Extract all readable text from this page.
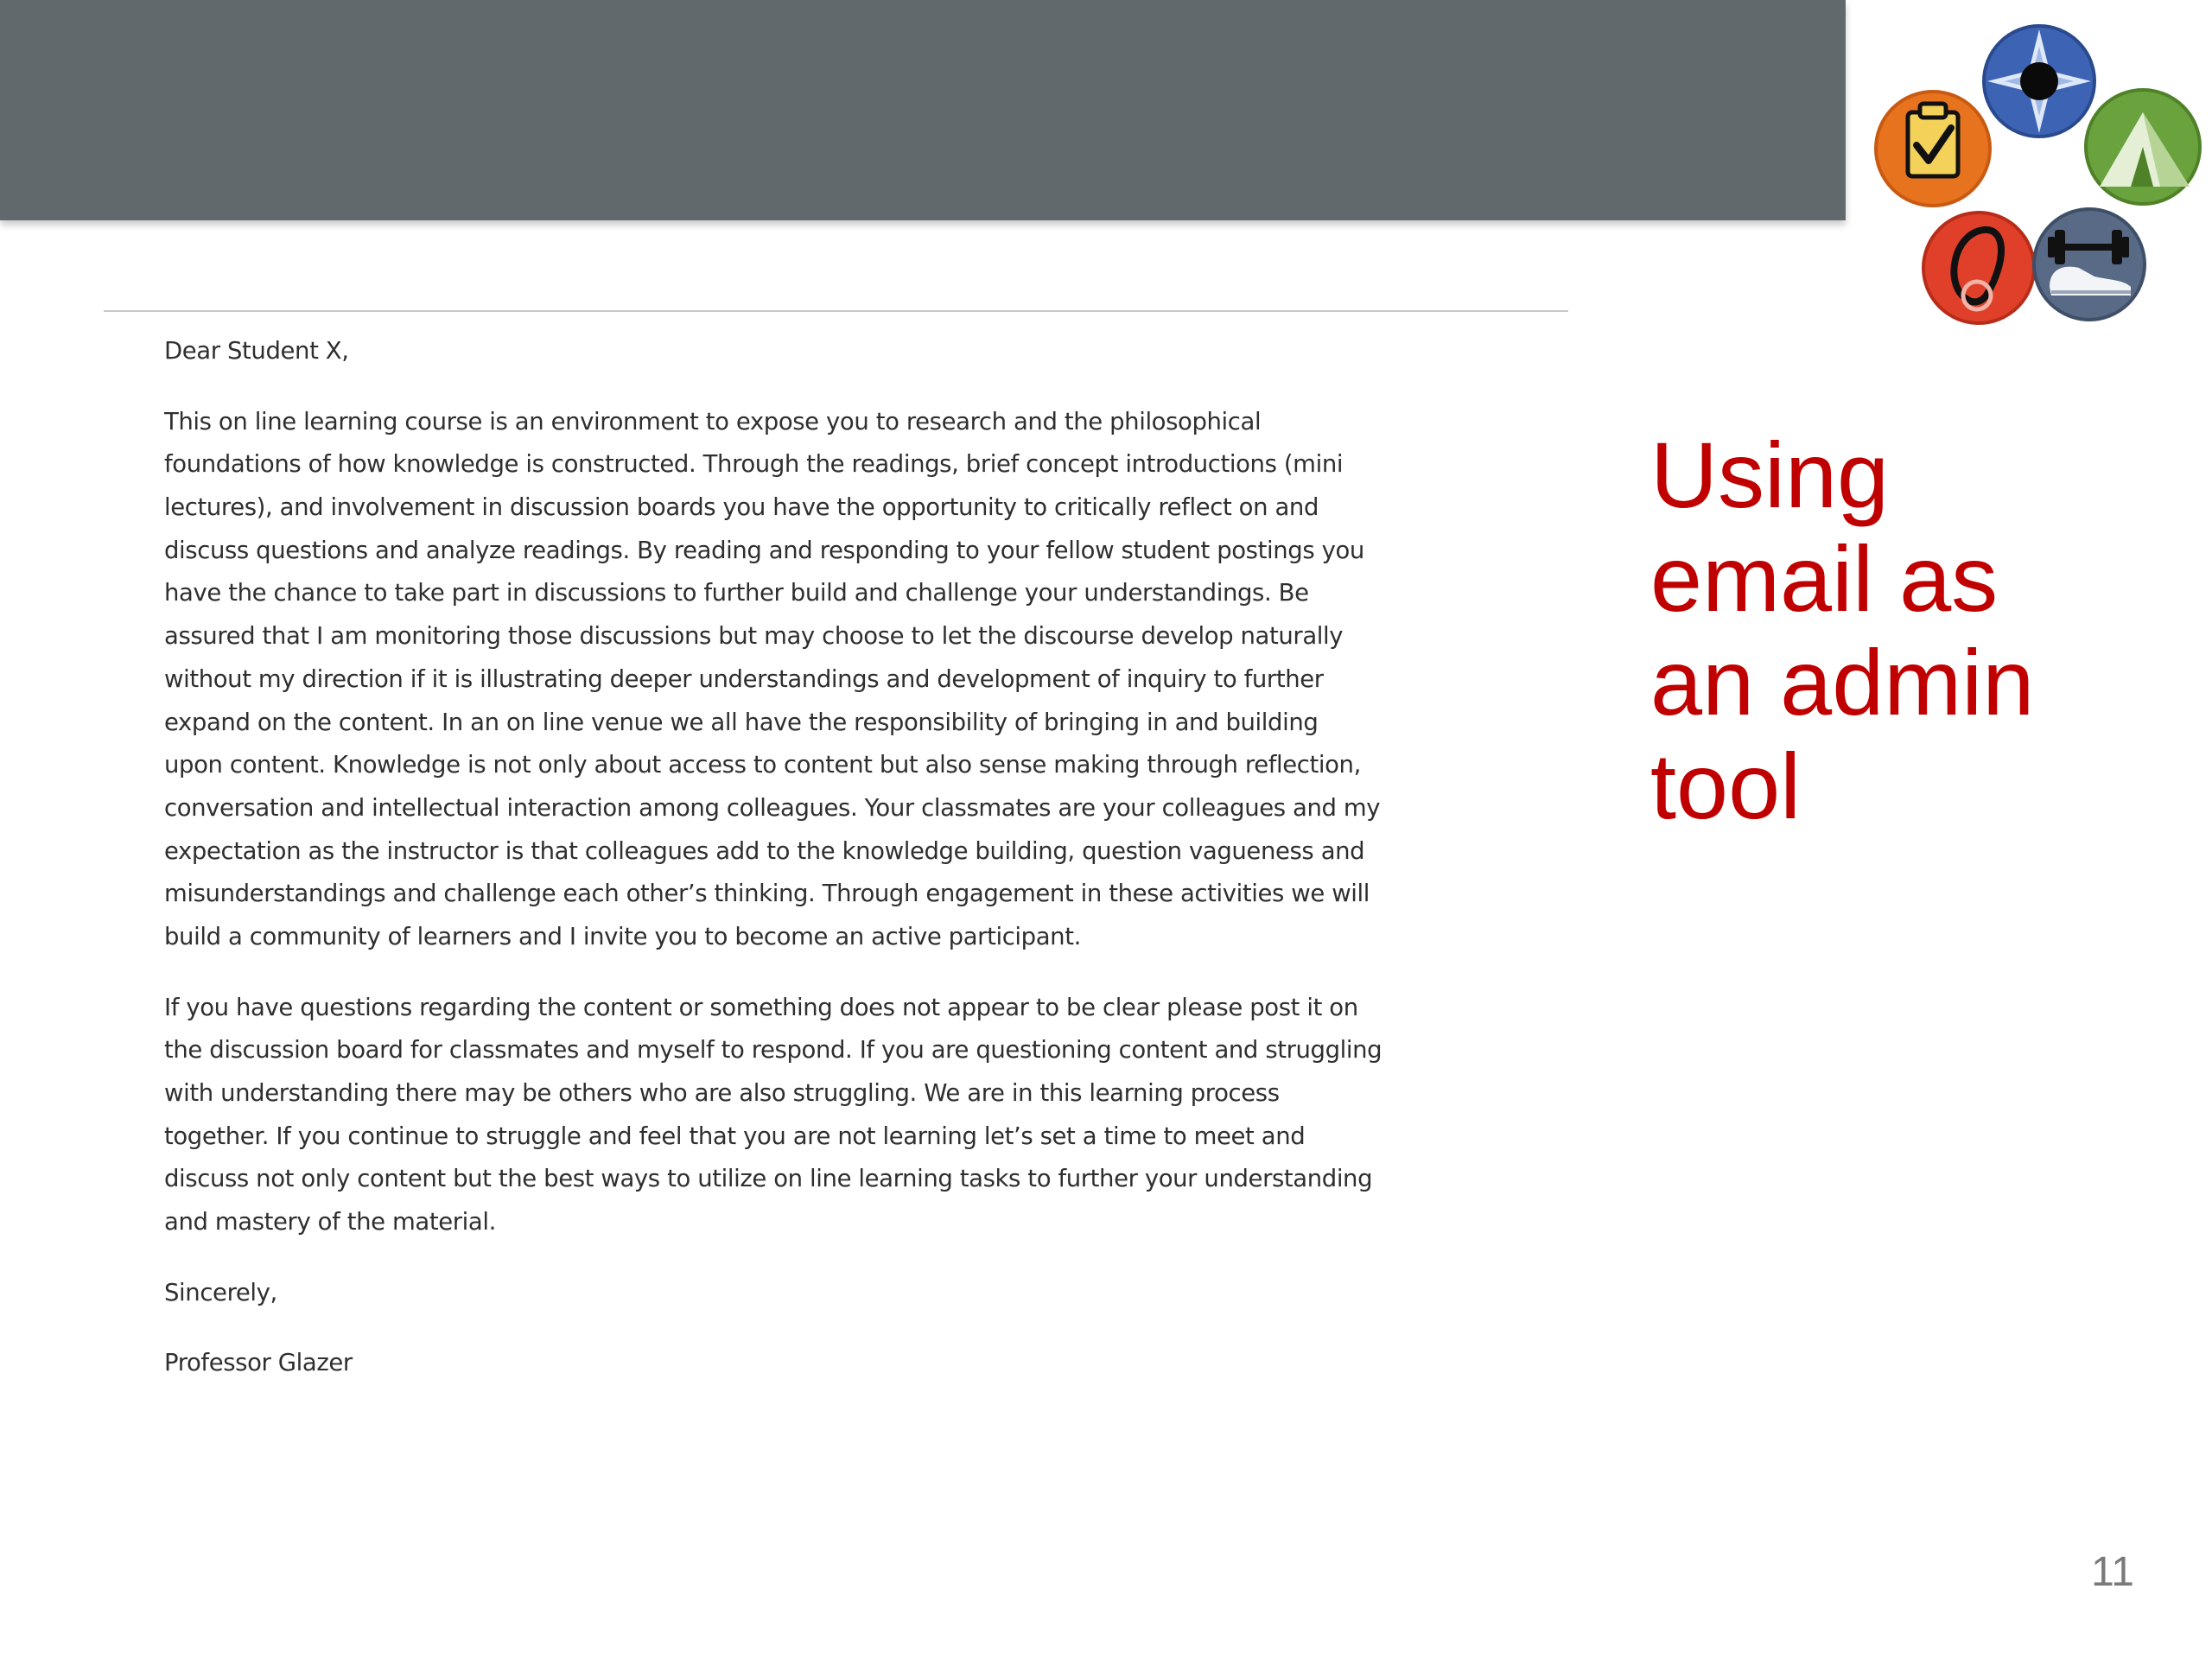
Dear Student X,
This on line learning course is an environment to expose you to research and the philosophical
foundations of how knowledge is constructed. Through the readings, brief concept introductions (mini
lectures), and involvement in discussion boards you have the opportunity to critically reflect on and
discuss questions and analyze readings. By reading and responding to your fellow student postings you
have the chance to take part in discussions to further build and challenge your understandings. Be
assured that I am monitoring those discussions but may choose to let the discourse develop naturally
without my direction if it is illustrating deeper understandings and development of inquiry to further
expand on the content. In an on line venue we all have the responsibility of bringing in and building
upon content. Knowledge is not only about access to content but also sense making through reflection,
conversation and intellectual interaction among colleagues. Your classmates are your colleagues and my
expectation as the instructor is that colleagues add to the knowledge building, question vagueness and
misunderstandings and challenge each other’s thinking. Through engagement in these activities we will
build a community of learners and I invite you to become an active participant.
If you have questions regarding the content or something does not appear to be clear please post it on
the discussion board for classmates and myself to respond. If you are questioning content and struggling
with understanding there may be others who are also struggling. We are in this learning process
together. If you continue to struggle and feel that you are not learning let’s set a time to meet and
discuss not only content but the best ways to utilize on line learning tasks to further your understanding
and mastery of the material.
Sincerely,
Professor Glazer
Using
email as
an admin
tool
11
